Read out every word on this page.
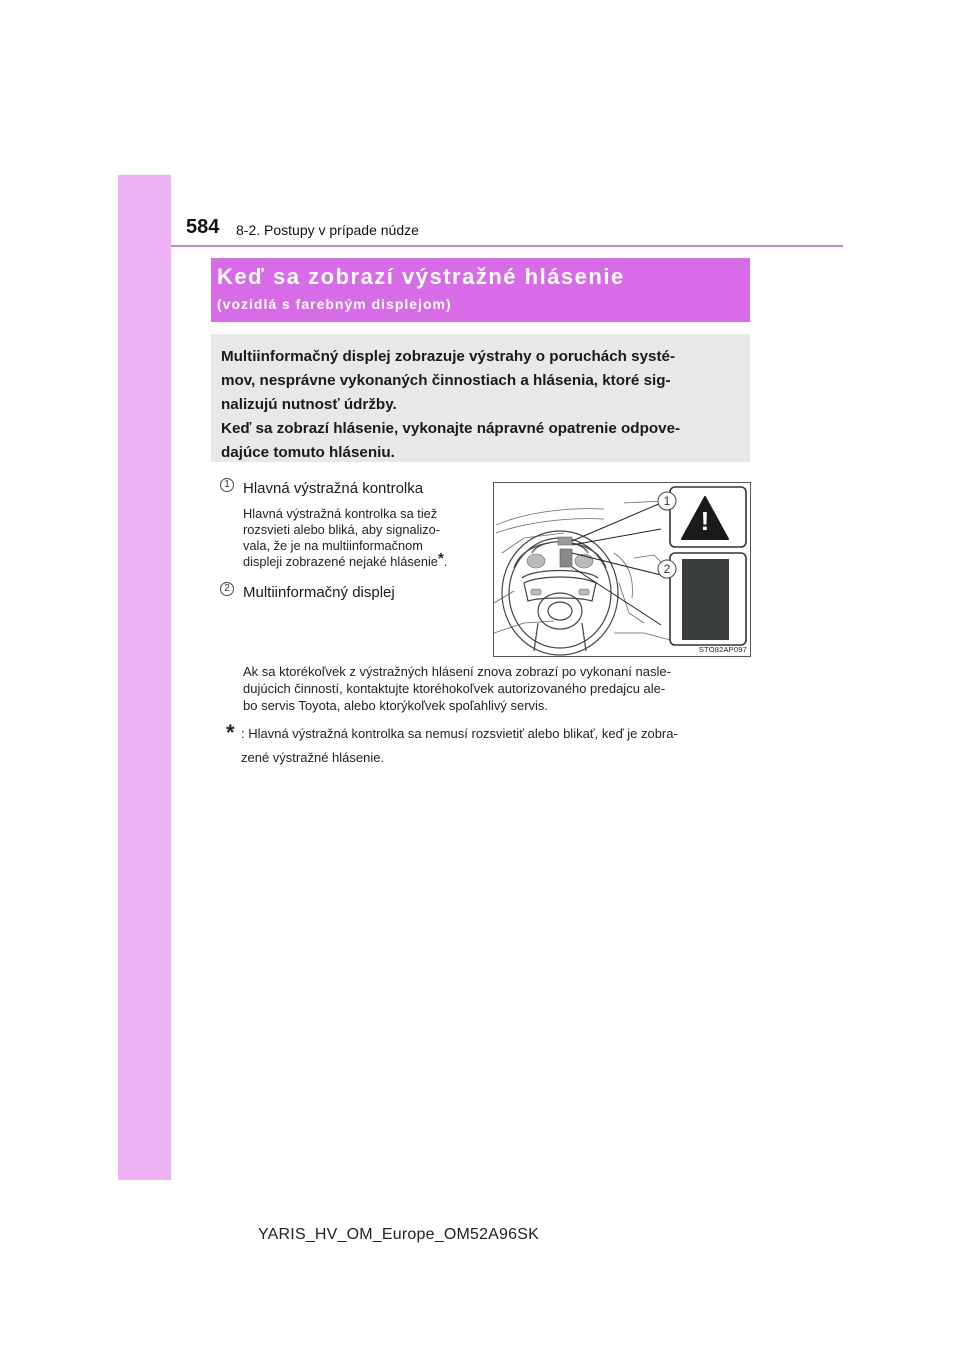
584 8-2. Postupy v prípade núdze
Keď sa zobrazí výstražné hlásenie
(vozidlá s farebným displejom)
Multiinformačný displej zobrazuje výstrahy o poruchách systé-
mov, nesprávne vykonaných činnostiach a hlásenia, ktoré sig-
nalizujú nutnosť údržby.
Keď sa zobrazí hlásenie, vykonajte nápravné opatrenie odpove-
dajúce tomuto hláseniu.
1 Hlavná výstražná kontrolka
Hlavná výstražná kontrolka sa tiež
rozsvieti alebo bliká, aby signalizo-
vala, že je na multiinformačnom
displeji zobrazené nejaké hlásenie*.
2 Multiinformačný displej
!
1
2
STO82AP097
Ak sa ktorékoľvek z výstražných hlásení znova zobrazí po vykonaní nasle-
dujúcich činností, kontaktujte ktoréhokoľvek autorizovaného predajcu ale-
bo servis Toyota, alebo ktorýkoľvek spoľahlivý servis.
* : Hlavná výstražná kontrolka sa nemusí rozsvietiť alebo blikať, keď je zobra-
zené výstražné hlásenie.
YARIS_HV_OM_Europe_OM52A96SK
